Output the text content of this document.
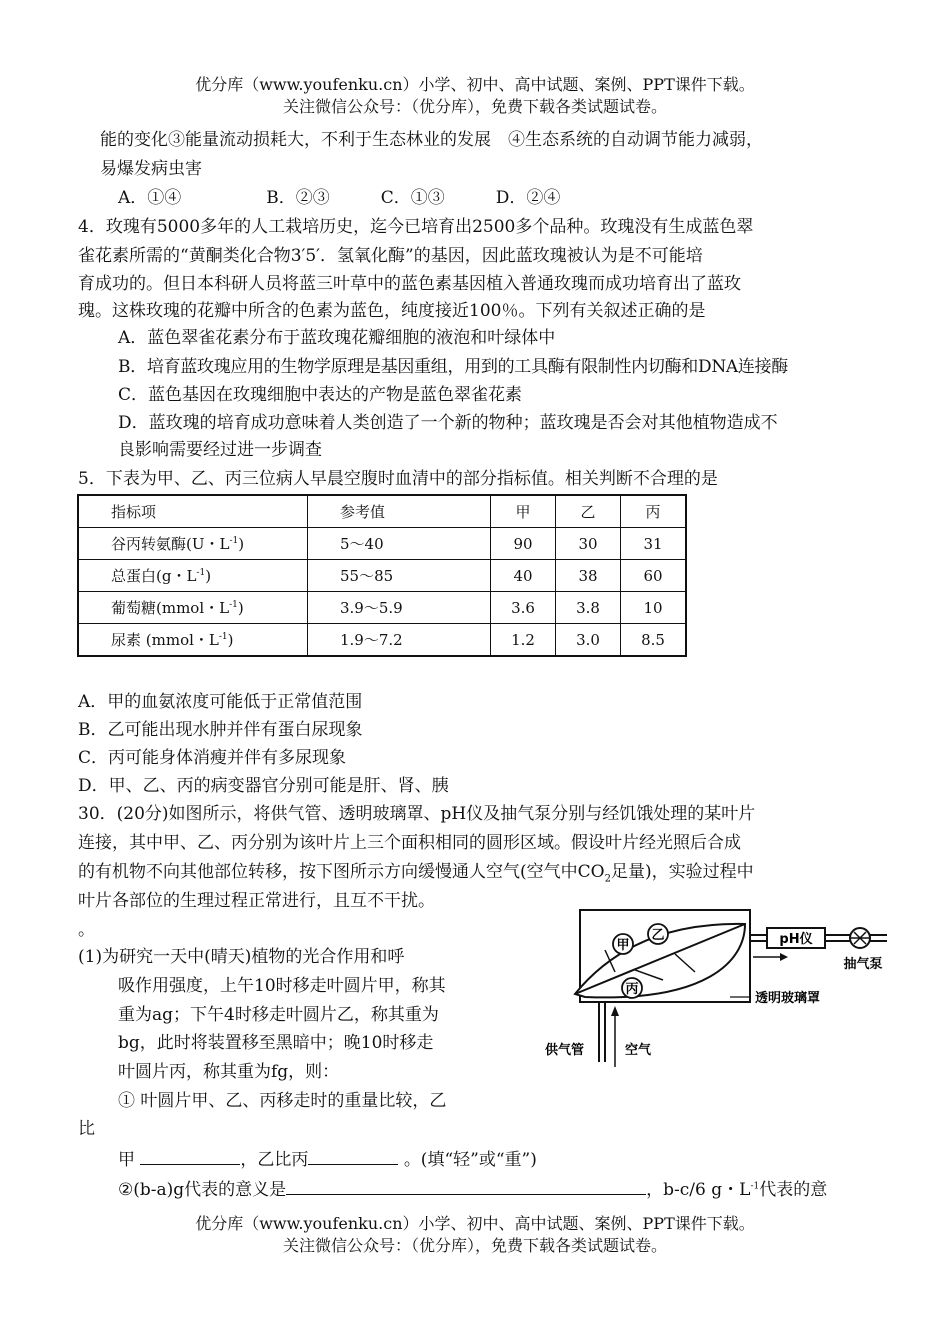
优分库（www.youfenku.cn）小学、初中、高中试题、案例、PPT课件下载。
关注微信公众号：（优分库），免费下载各类试题试卷。
能的变化③能量流动损耗大，不利于生态林业的发展　④生态系统的自动调节能力减弱，
易爆发病虫害
A．①④　　　　　B．②③　　　C．①③　　　D．②④
4．玫瑰有5000多年的人工栽培历史，迄今已培育出2500多个品种。玫瑰没有生成蓝色翠
雀花素所需的“黄酮类化合物3′5′．氢氧化酶”的基因，因此蓝玫瑰被认为是不可能培
育成功的。但日本科研人员将蓝三叶草中的蓝色素基因植入普通玫瑰而成功培育出了蓝玫
瑰。这株玫瑰的花瓣中所含的色素为蓝色，纯度接近100％。下列有关叙述正确的是
A．蓝色翠雀花素分布于蓝玫瑰花瓣细胞的液泡和叶绿体中
B．培育蓝玫瑰应用的生物学原理是基因重组，用到的工具酶有限制性内切酶和DNA连接酶
C．蓝色基因在玫瑰细胞中表达的产物是蓝色翠雀花素
D．蓝玫瑰的培育成功意味着人类创造了一个新的物种；蓝玫瑰是否会对其他植物造成不
良影响需要经过进一步调查
5．下表为甲、乙、丙三位病人早晨空腹时血清中的部分指标值。相关判断不合理的是
指标项	参考值	甲	乙	丙
谷丙转氨酶(U・$L^{-1}$)	5～40	90	30	31
总蛋白(g・$L^{-1}$)	55～85	40	38	60
葡萄糖(mmol・$L^{-1}$)	3.9～5.9	3.6	3.8	10
尿素 (mmol・$L^{-1}$)	1.9～7.2	1.2	3.0	8.5
A．甲的血氨浓度可能低于正常值范围
B．乙可能出现水肿并伴有蛋白尿现象
C．丙可能身体消瘦并伴有多尿现象
D．甲、乙、丙的病变器官分别可能是肝、肾、胰
30．(20分)如图所示，将供气管、透明玻璃罩、pH仪及抽气泵分别与经饥饿处理的某叶片
连接，其中甲、乙、丙分别为该叶片上三个面积相同的圆形区域。假设叶片经光照后合成
的有机物不向其他部位转移，按下图所示方向缓慢通人空气(空气中$CO_2$足量)，实验过程中
叶片各部位的生理过程正常进行，且互不干扰。
。
(1)为研究一天中(晴天)植物的光合作用和呼
吸作用强度，上午10时移走叶圆片甲，称其
重为ag；下午4时移走叶圆片乙，称其重为
bg，此时将装置移至黑暗中；晚10时移走
叶圆片丙，称其重为fg，则：
① 叶圆片甲、乙、丙移走时的重量比较，乙
比
甲	，乙比丙	。(填“轻”或“重”)
②(b-a)g代表的意义是	，b-c/6 g・$L^{-1}$代表的意
甲
乙
丙
pH仪
抽气泵
透明玻璃罩
供气管	空气
优分库（www.youfenku.cn）小学、初中、高中试题、案例、PPT课件下载。
关注微信公众号：（优分库），免费下载各类试题试卷。
